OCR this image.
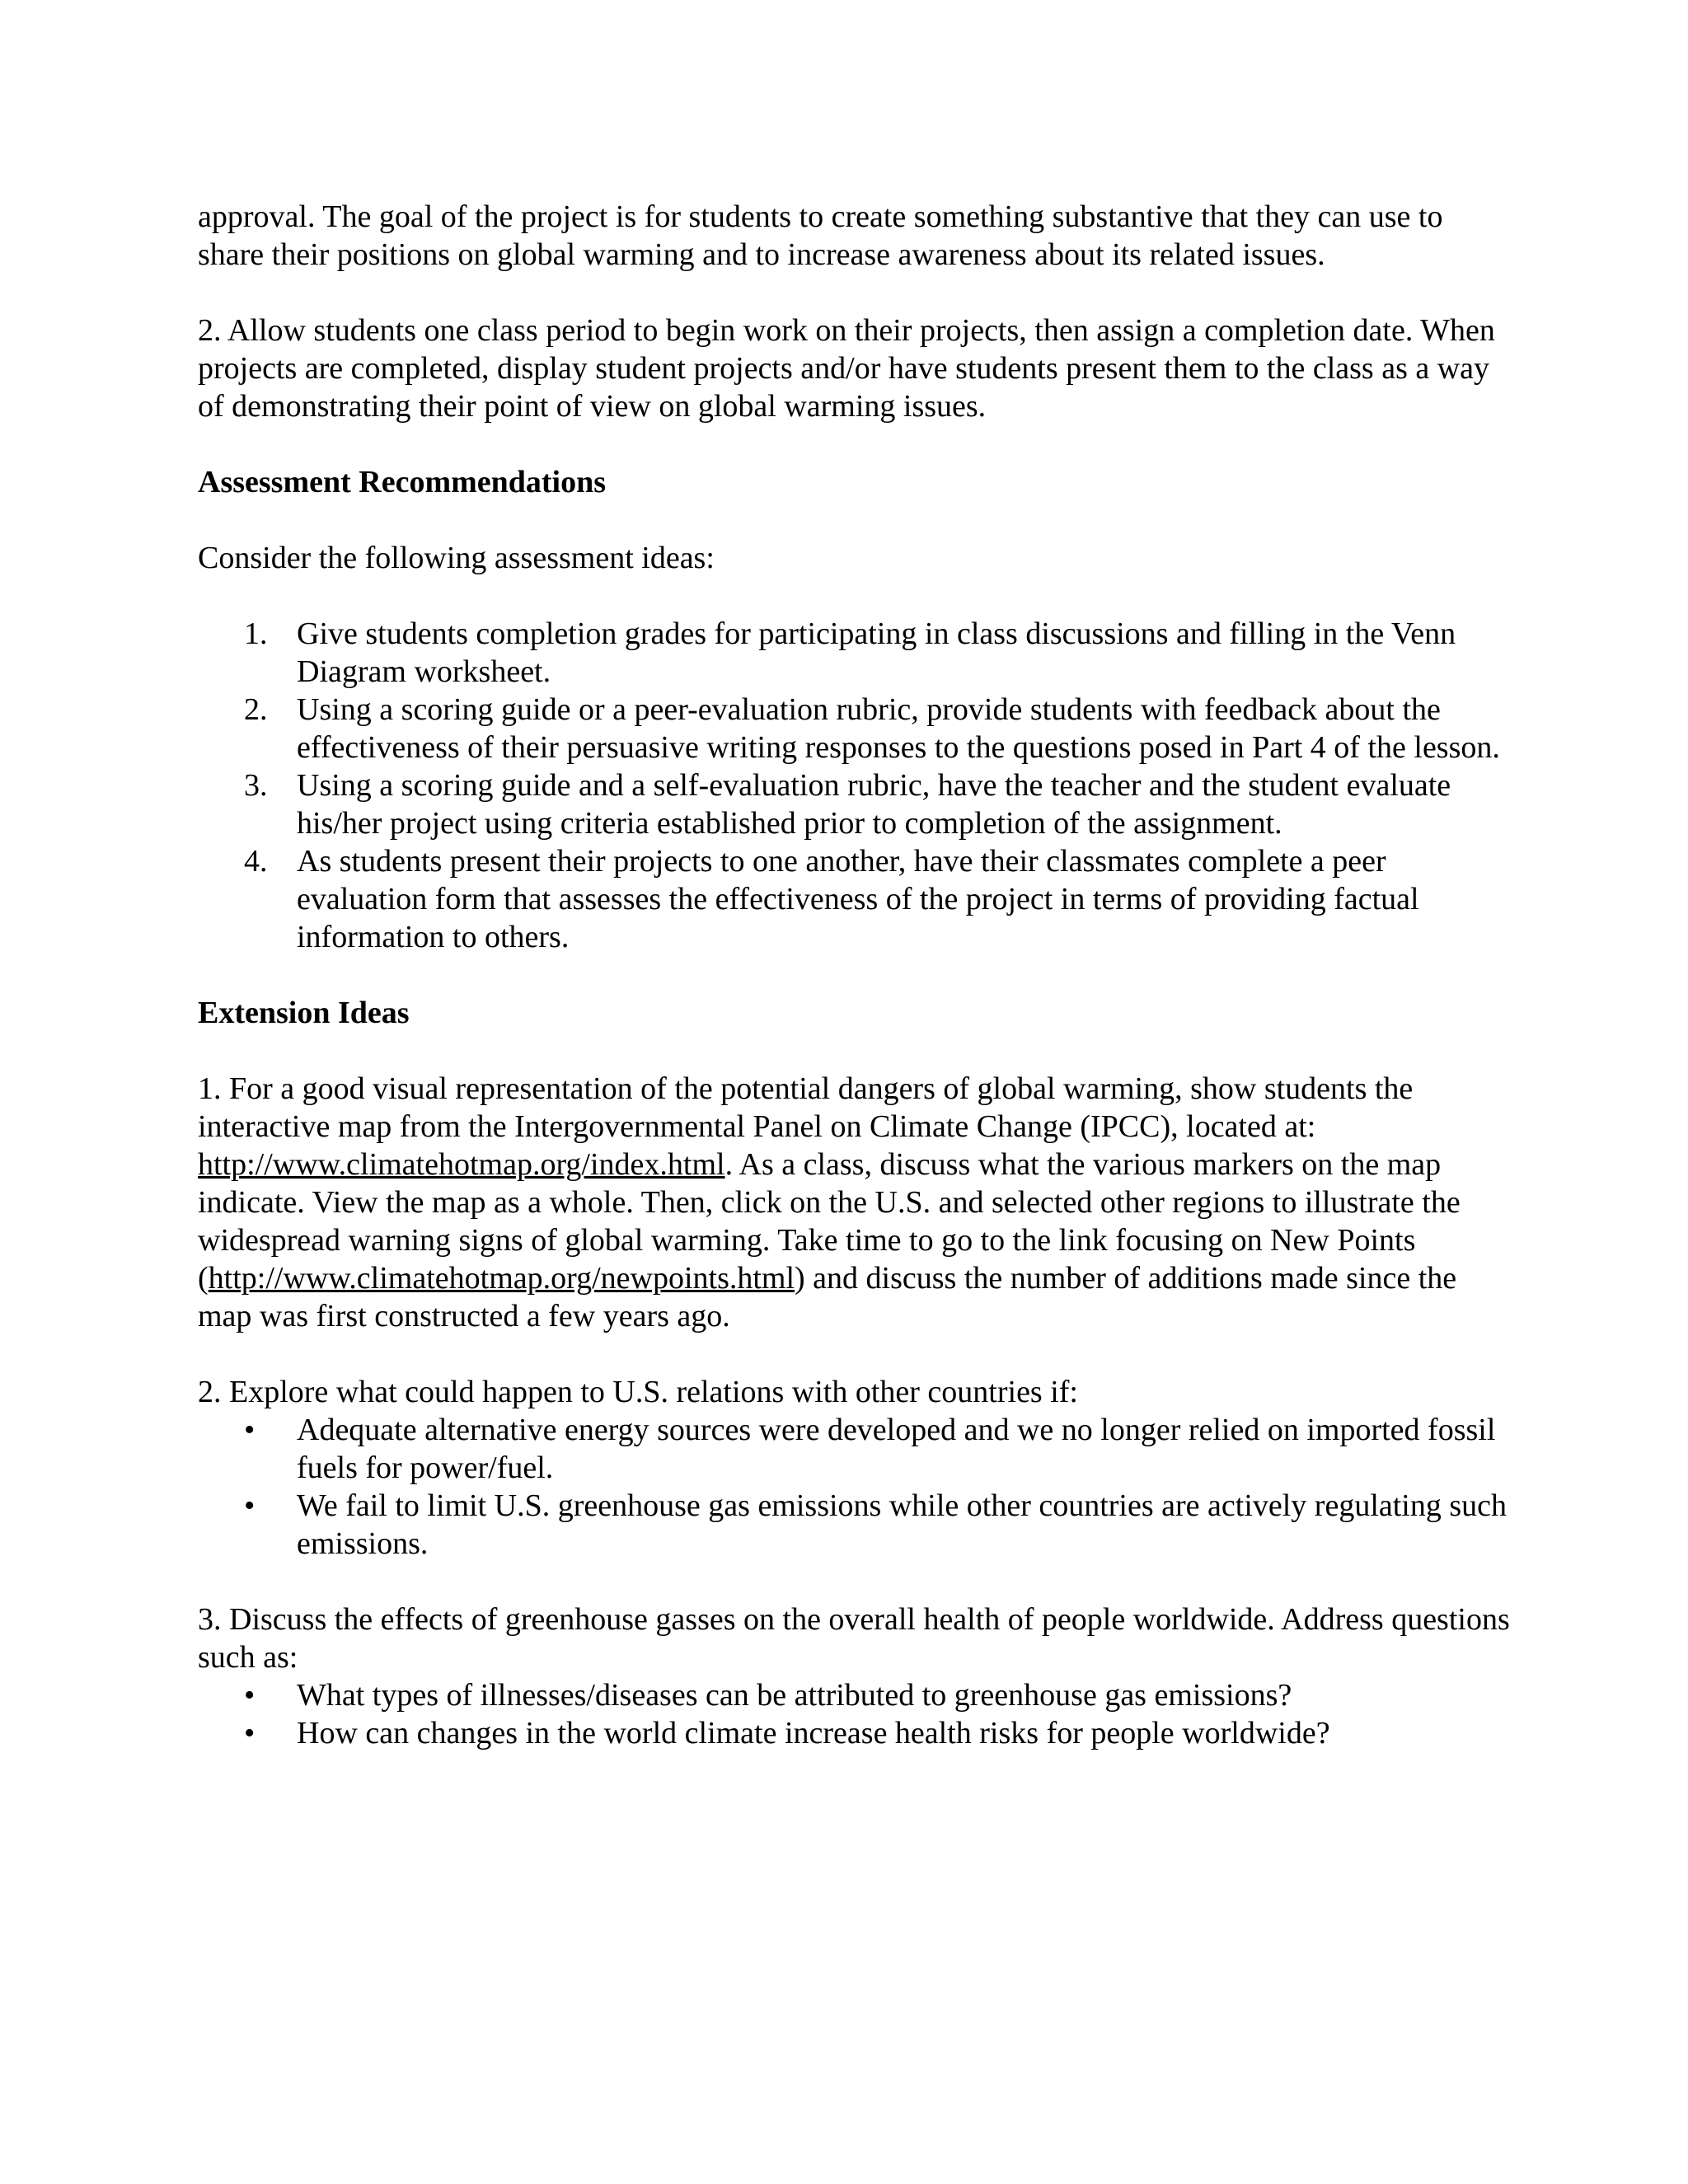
approval. The goal of the project is for students to create something substantive that they can use to share their positions on global warming and to increase awareness about its related issues.

2. Allow students one class period to begin work on their projects, then assign a completion date. When projects are completed, display student projects and/or have students present them to the class as a way of demonstrating their point of view on global warming issues.

Assessment Recommendations

Consider the following assessment ideas:

1. Give students completion grades for participating in class discussions and filling in the Venn Diagram worksheet.
2. Using a scoring guide or a peer-evaluation rubric, provide students with feedback about the effectiveness of their persuasive writing responses to the questions posed in Part 4 of the lesson.
3. Using a scoring guide and a self-evaluation rubric, have the teacher and the student evaluate his/her project using criteria established prior to completion of the assignment.
4. As students present their projects to one another, have their classmates complete a peer evaluation form that assesses the effectiveness of the project in terms of providing factual information to others.
Extension Ideas

1. For a good visual representation of the potential dangers of global warming, show students the interactive map from the Intergovernmental Panel on Climate Change (IPCC), located at: http://www.climatehotmap.org/index.html. As a class, discuss what the various markers on the map indicate. View the map as a whole. Then, click on the U.S. and selected other regions to illustrate the widespread warning signs of global warming. Take time to go to the link focusing on New Points (http://www.climatehotmap.org/newpoints.html) and discuss the number of additions made since the map was first constructed a few years ago.

2. Explore what could happen to U.S. relations with other countries if:

• Adequate alternative energy sources were developed and we no longer relied on imported fossil fuels for power/fuel.
• We fail to limit U.S. greenhouse gas emissions while other countries are actively regulating such emissions.

3. Discuss the effects of greenhouse gasses on the overall health of people worldwide. Address questions such as:

• What types of illnesses/diseases can be attributed to greenhouse gas emissions?
• How can changes in the world climate increase health risks for people worldwide?
